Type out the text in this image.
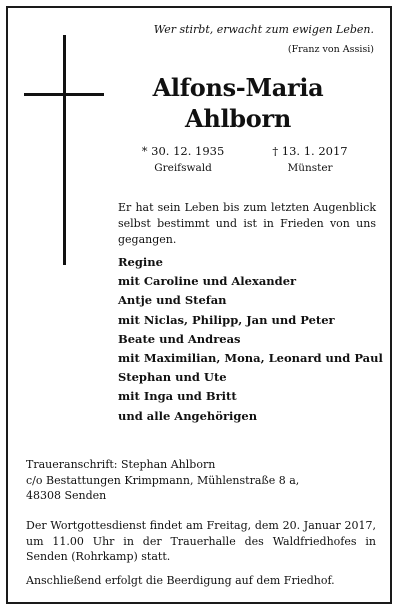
Wer stirbt, erwacht zum ewigen Leben.
(Franz von Assisi)
Alfons-Maria
Ahlborn
* 30. 12. 1935
Greifswald
† 13. 1. 2017
Münster
Er hat sein Leben bis zum letzten Augenblick selbst bestimmt und ist in Frieden von uns gegangen.
Regine
mit Caroline und Alexander
Antje und Stefan
mit Niclas, Philipp, Jan und Peter
Beate und Andreas
mit Maximilian, Mona, Leonard und Paul
Stephan und Ute
mit Inga und Britt
und alle Angehörigen
Traueranschrift: Stephan Ahlborn
c/o Bestattungen Krimpmann, Mühlenstraße 8 a,
48308 Senden
Der Wortgottesdienst findet am Freitag, dem 20. Januar 2017, um 11.00 Uhr in der Trauerhalle des Waldfriedhofes in Senden (Rohrkamp) statt.
Anschließend erfolgt die Beerdigung auf dem Friedhof.
